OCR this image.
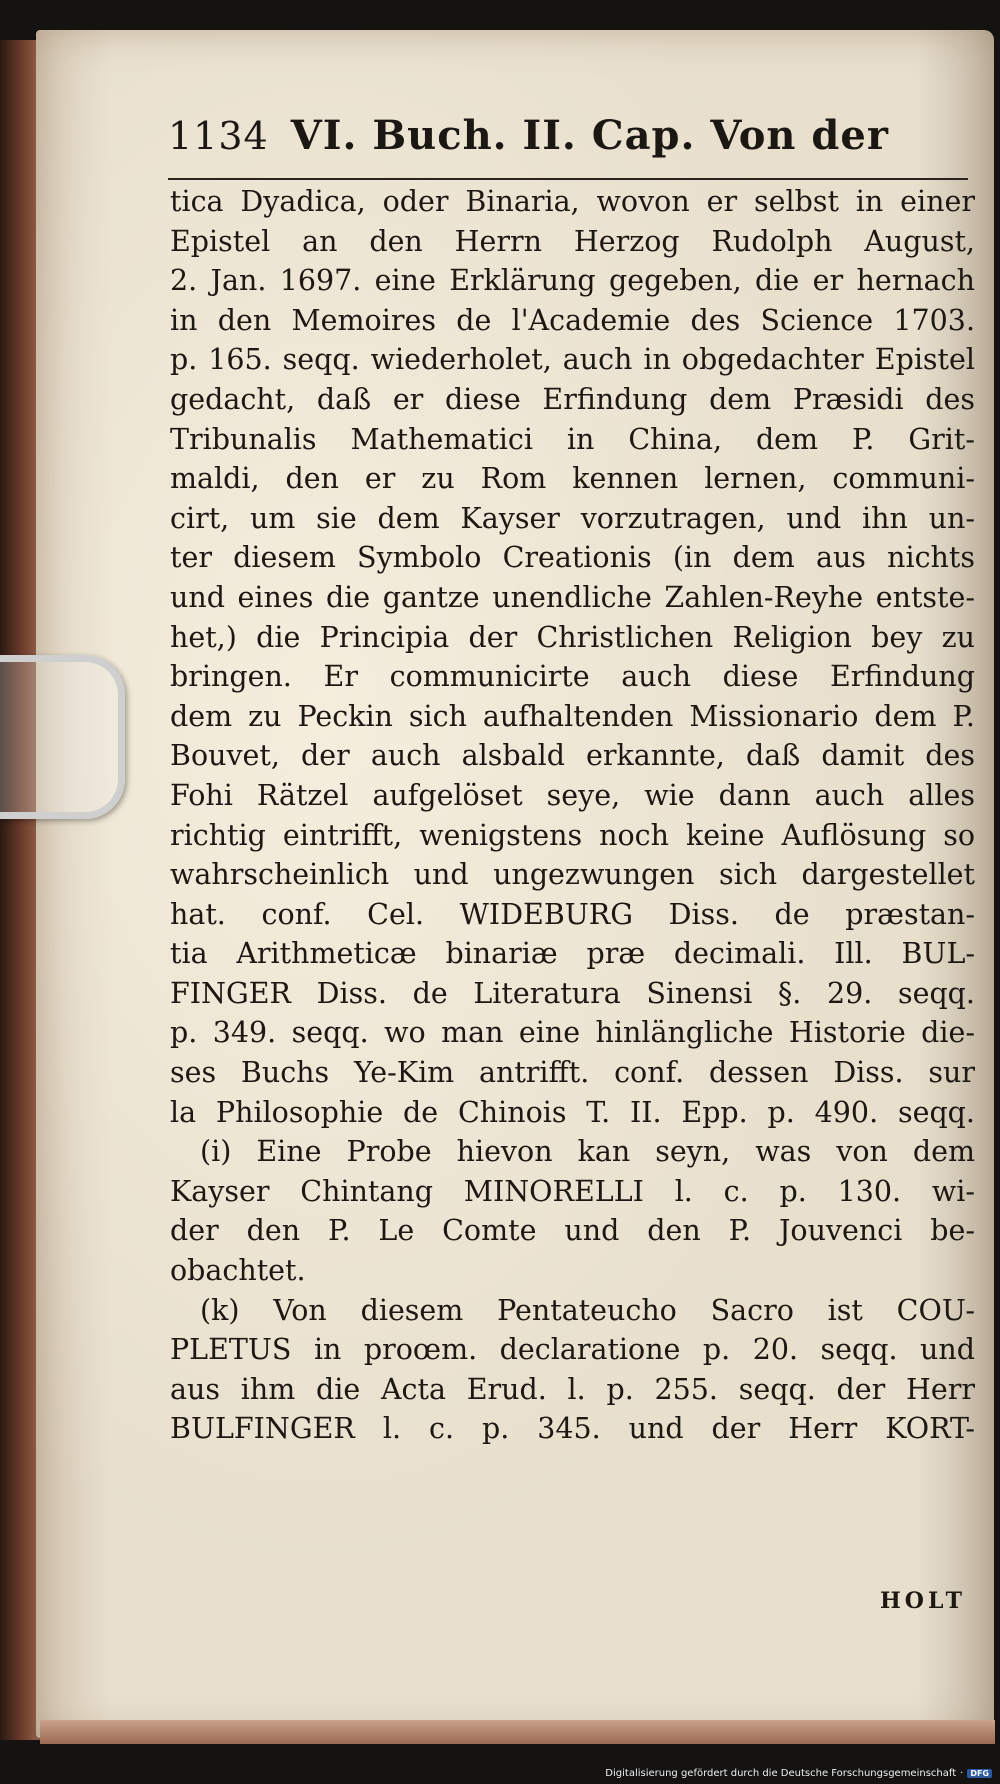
1134 VI. Buch. II. Cap. Von der
tica Dyadica, oder Binaria, wovon er selbst in einer
Epistel an den Herrn Herzog Rudolph August,
2. Jan. 1697. eine Erklärung gegeben, die er hernach
in den Memoires de l'Academie des Science 1703.
p. 165. seqq. wiederholet, auch in obgedachter Epistel
gedacht, daß er diese Erfindung dem Præsidi des
Tribunalis Mathematici in China, dem P. Grit-
maldi, den er zu Rom kennen lernen, communi-
cirt, um sie dem Kayser vorzutragen, und ihn un-
ter diesem Symbolo Creationis (in dem aus nichts
und eines die gantze unendliche Zahlen-Reyhe entste-
het,) die Principia der Christlichen Religion bey zu
bringen. Er communicirte auch diese Erfindung
dem zu Peckin sich aufhaltenden Missionario dem P.
Bouvet, der auch alsbald erkannte, daß damit des
Fohi Rätzel aufgelöset seye, wie dann auch alles
richtig eintrifft, wenigstens noch keine Auflösung so
wahrscheinlich und ungezwungen sich dargestellet
hat. conf. Cel. WIDEBURG Diss. de præstan-
tia Arithmeticæ binariæ præ decimali. Ill. BUL-
FINGER Diss. de Literatura Sinensi §. 29. seqq.
p. 349. seqq. wo man eine hinlängliche Historie die-
ses Buchs Ye-Kim antrifft. conf. dessen Diss. sur
la Philosophie de Chinois T. II. Epp. p. 490. seqq.
(i) Eine Probe hievon kan seyn, was von dem
Kayser Chintang MINORELLI l. c. p. 130. wi-
der den P. Le Comte und den P. Jouvenci be-
obachtet.
(k) Von diesem Pentateucho Sacro ist COU-
PLETUS in proœm. declaratione p. 20. seqq. und
aus ihm die Acta Erud. l. p. 255. seqq. der Herr
BULFINGER l. c. p. 345. und der Herr KORT-
HOLT
Digitalisierung gefördert durch die Deutsche Forschungsgemeinschaft · DFG
